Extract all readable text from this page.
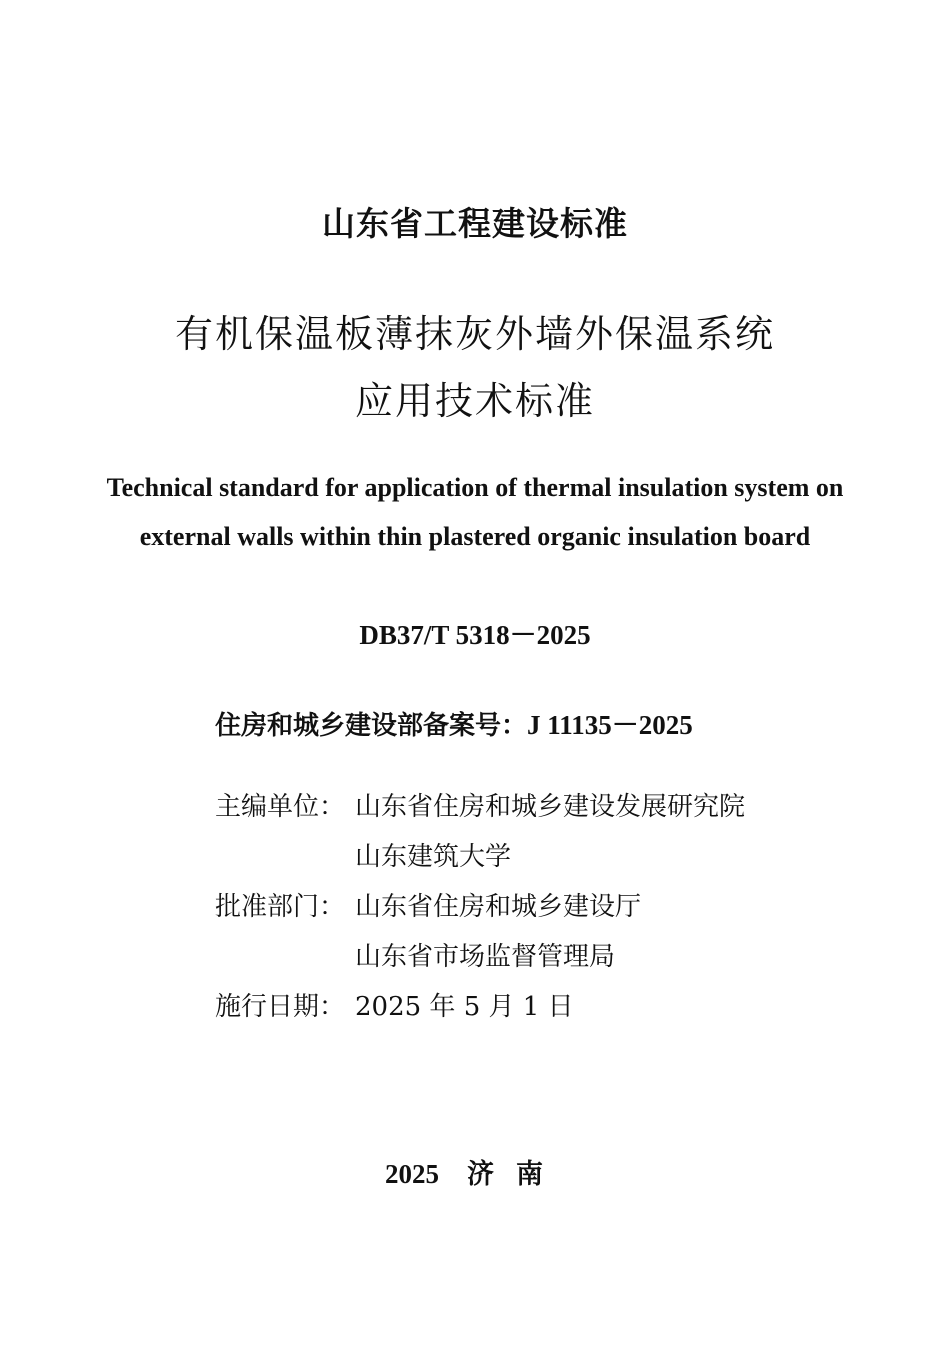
山东省工程建设标准
有机保温板薄抹灰外墙外保温系统
应用技术标准
Technical standard for application of thermal insulation system on
external walls within thin plastered organic insulation board
DB37/T 5318－2025
住房和城乡建设部备案号：J 11135－2025
主编单位： 山东省住房和城乡建设发展研究院
山东建筑大学
批准部门： 山东省住房和城乡建设厅
山东省市场监督管理局
施行日期： 2025 年 5 月 1 日
2025 济南
